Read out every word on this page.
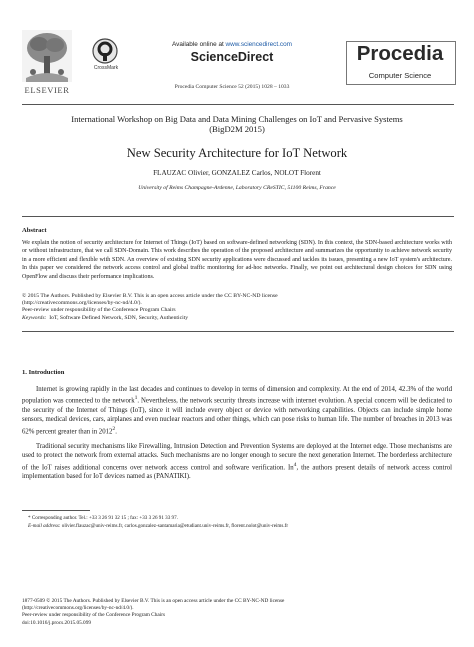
ELSEVIER
CrossMark
Available online at www.sciencedirect.com
ScienceDirect
Procedia Computer Science 52 (2015) 1028 – 1033
Procedia
Computer Science
International Workshop on Big Data and Data Mining Challenges on IoT and Pervasive Systems
(BigD2M 2015)
New Security Architecture for IoT Network
FLAUZAC Olivier, GONZALEZ Carlos, NOLOT Florent
University of Reims Champagne-Ardenne, Laboratory CReSTIC, 51100 Reims, France
Abstract
We explain the notion of security architecture for Internet of Things (IoT) based on software-defined networking (SDN). In this context, the SDN-based architecture works with or without infrastructure, that we call SDN-Domain. This work describes the operation of the proposed architecture and summarizes the opportunity to achieve network security in a more efficient and flexible with SDN. An overview of existing SDN security applications were discussed and tackles its issues, presenting a new IoT system's architecture. In this paper we considered the network access control and global traffic monitoring for ad-hoc networks. Finally, we point out architectural design choices for SDN using OpenFlow and discuss their performance implications.
© 2015 The Authors. Published by Elsevier B.V. This is an open access article under the CC BY-NC-ND license
(http://creativecommons.org/licenses/by-nc-nd/4.0/).
Peer-review under responsibility of the Conference Program Chairs
Keywords: IoT, Software Defined Network, SDN, Security, Authenticity
1. Introduction
Internet is growing rapidly in the last decades and continues to develop in terms of dimension and complexity. At the end of 2014, 42.3% of the world population was connected to the network$^1$. Nevertheless, the network security threats increase with internet evolution. A special concern will be dedicated to the security of the Internet of Things (IoT), since it will include every object or device with networking capabilities. Objects can include simple home sensors, medical devices, cars, airplanes and even nuclear reactors and other things, which can pose risks to human life. The number of breaches in 2013 was 62% percent greater than in 2012$^2$.
Traditional security mechanisms like Firewalling, Intrusion Detection and Prevention Systems are deployed at the Internet edge. Those mechanisms are used to protect the network from external attacks. Such mechanisms are no longer enough to secure the next generation Internet. The borderless architecture of the IoT raises additional concerns over network access control and software verification. In$^4$, the authors present details of network access control implementation based for IoT devices named as (PANATIKI).
* Corresponding author. Tel.: +33 3 26 91 32 15 ; fax: +33 3 26 91 33 97.
E-mail address: olivier.flauzac@univ-reims.fr, carlos.gonzalez-santamaria@etudiant.univ-reims.fr, florent.nolot@univ-reims.fr
1877-0509 © 2015 The Authors. Published by Elsevier B.V. This is an open access article under the CC BY-NC-ND license
(http://creativecommons.org/licenses/by-nc-nd/4.0/).
Peer-review under responsibility of the Conference Program Chairs
doi:10.1016/j.procs.2015.05.099
